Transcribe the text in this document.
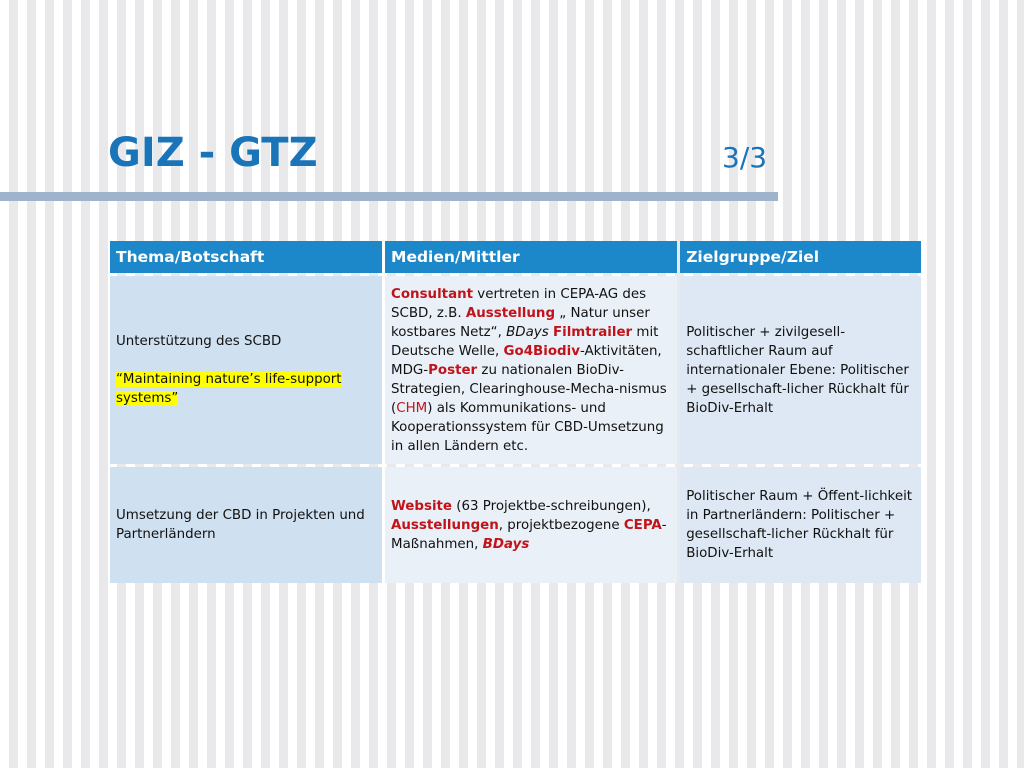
GIZ - GTZ	3/3
Thema/Botschaft	Medien/Mittler	Zielgruppe/Ziel
Unterstützung des SCBD
“Maintaining nature’s life-support systems”	Consultant vertreten in CEPA-AG des SCBD, z.B. Ausstellung „ Natur unser kostbares Netz“, BDays Filmtrailer mit Deutsche Welle, Go4Biodiv-Aktivitäten, MDG-Poster zu nationalen BioDiv-Strategien, Clearinghouse-Mecha-nismus (CHM) als Kommunikations- und Kooperationssystem für CBD-Umsetzung in allen Ländern etc.	Politischer + zivilgesell-schaftlicher Raum auf internationaler Ebene: Politischer + gesellschaft-licher Rückhalt für BioDiv-Erhalt
Umsetzung der CBD in Projekten und Partnerländern	Website (63 Projektbe-schreibungen), Ausstellungen, projektbezogene CEPA-Maßnahmen, BDays	Politischer Raum + Öffent-lichkeit in Partnerländern: Politischer + gesellschaft-licher Rückhalt für BioDiv-Erhalt
